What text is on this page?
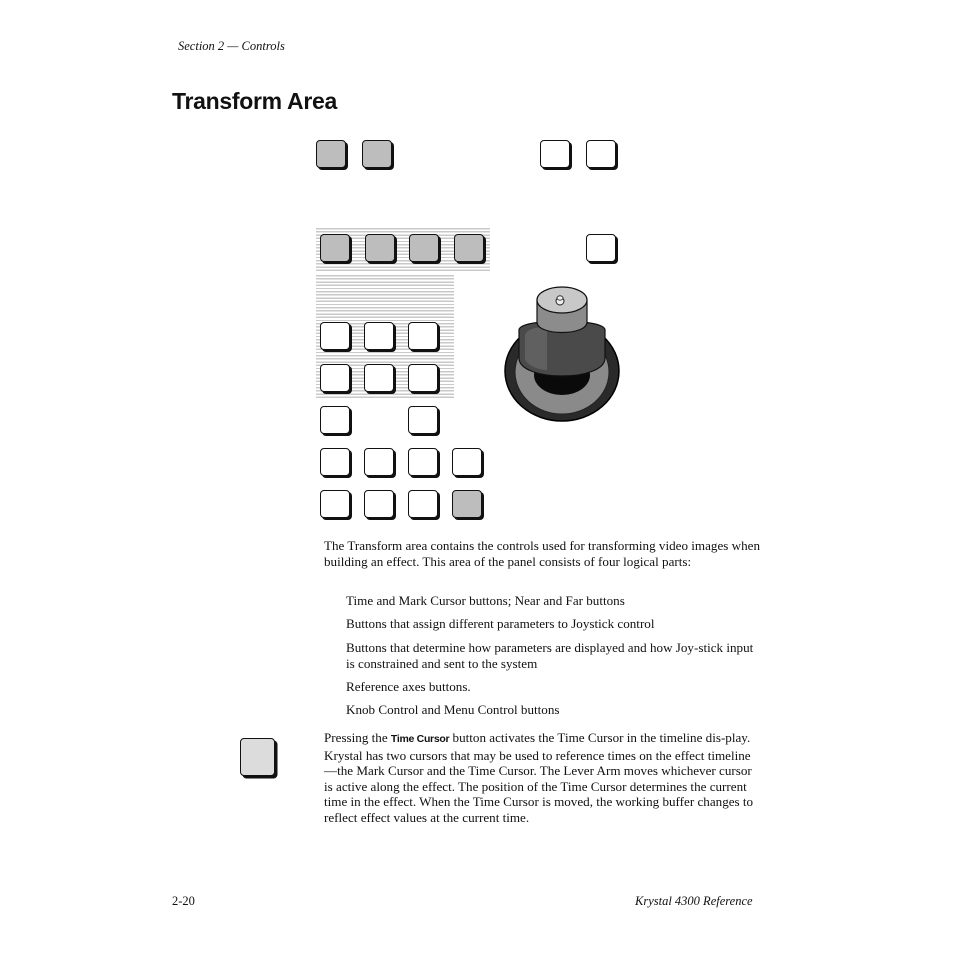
Section 2 — Controls
Transform Area

The Transform area contains the controls used for transforming video images when building an effect. This area of the panel consists of four logical parts:

Time and Mark Cursor buttons; Near and Far buttons

Buttons that assign different parameters to Joystick control

Buttons that determine how parameters are displayed and how Joy-stick input is constrained and sent to the system

Reference axes buttons.

Knob Control and Menu Control buttons

Pressing the Time Cursor button activates the Time Cursor in the timeline dis-play. Krystal has two cursors that may be used to reference times on the effect timeline—the Mark Cursor and the Time Cursor. The Lever Arm moves whichever cursor is active along the effect. The position of the Time Cursor determines the current time in the effect. When the Time Cursor is moved, the working buffer changes to reflect effect values at the current time.

2-20	Krystal 4300 Reference
